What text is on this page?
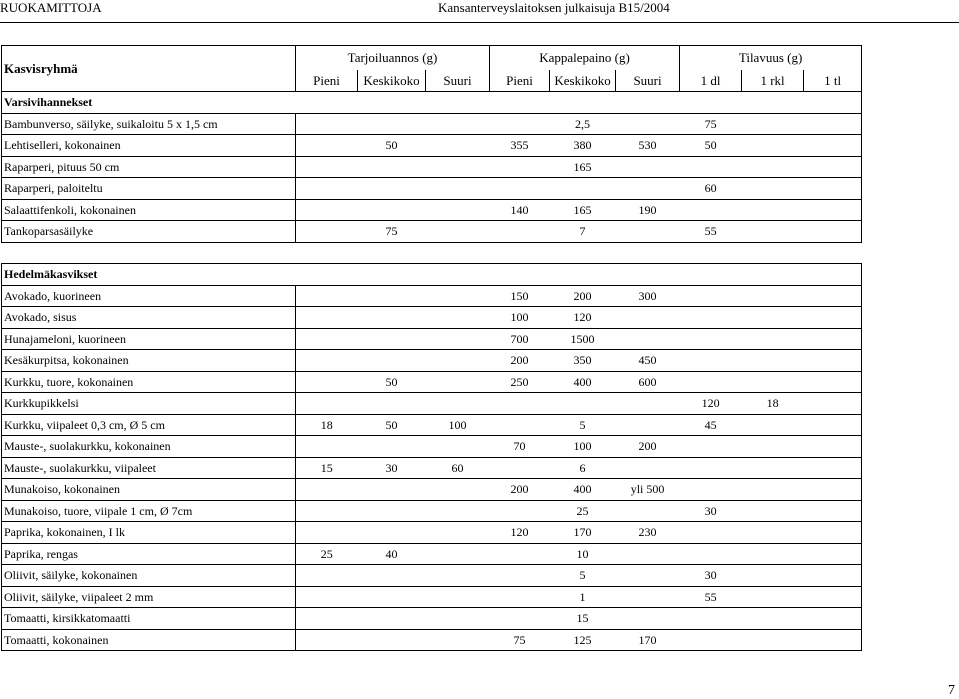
RUOKAMITTOJA	Kansanterveyslaitoksen julkaisuja B15/2004
Kasvisryhmä	Tarjoiluannos (g)			Kappalepaino (g)			Tilavuus (g)		
	Pieni	Keskikoko	Suuri	Pieni	Keskikoko	Suuri	1 dl	1 rkl	1 tl
Varsivihannekset									
Bambunverso, säilyke, suikaloitu 5 x 1,5 cm					2,5		75		
Lehtiselleri, kokonainen		50		355	380	530	50		
Raparperi, pituus 50 cm					165				
Raparperi, paloiteltu							60		
Salaattifenkoli, kokonainen				140	165	190			
Tankoparsasäilyke		75			7		55		

Hedelmäkasvikset									
Avokado, kuorineen				150	200	300			
Avokado, sisus				100	120				
Hunajameloni, kuorineen				700	1500				
Kesäkurpitsa, kokonainen				200	350	450			
Kurkku, tuore, kokonainen		50		250	400	600			
Kurkkupikkelsi							120	18	
Kurkku, viipaleet 0,3 cm, Ø 5 cm	18	50	100		5		45		
Mauste-, suolakurkku, kokonainen				70	100	200			
Mauste-, suolakurkku, viipaleet	15	30	60		6				
Munakoiso, kokonainen				200	400	yli 500			
Munakoiso, tuore, viipale 1 cm, Ø 7cm					25		30		
Paprika, kokonainen, I lk				120	170	230			
Paprika, rengas	25	40			10				
Oliivit, säilyke, kokonainen					5		30		
Oliivit, säilyke, viipaleet 2 mm					1		55		
Tomaatti, kirsikkatomaatti					15				
Tomaatti, kokonainen				75	125	170			
7
